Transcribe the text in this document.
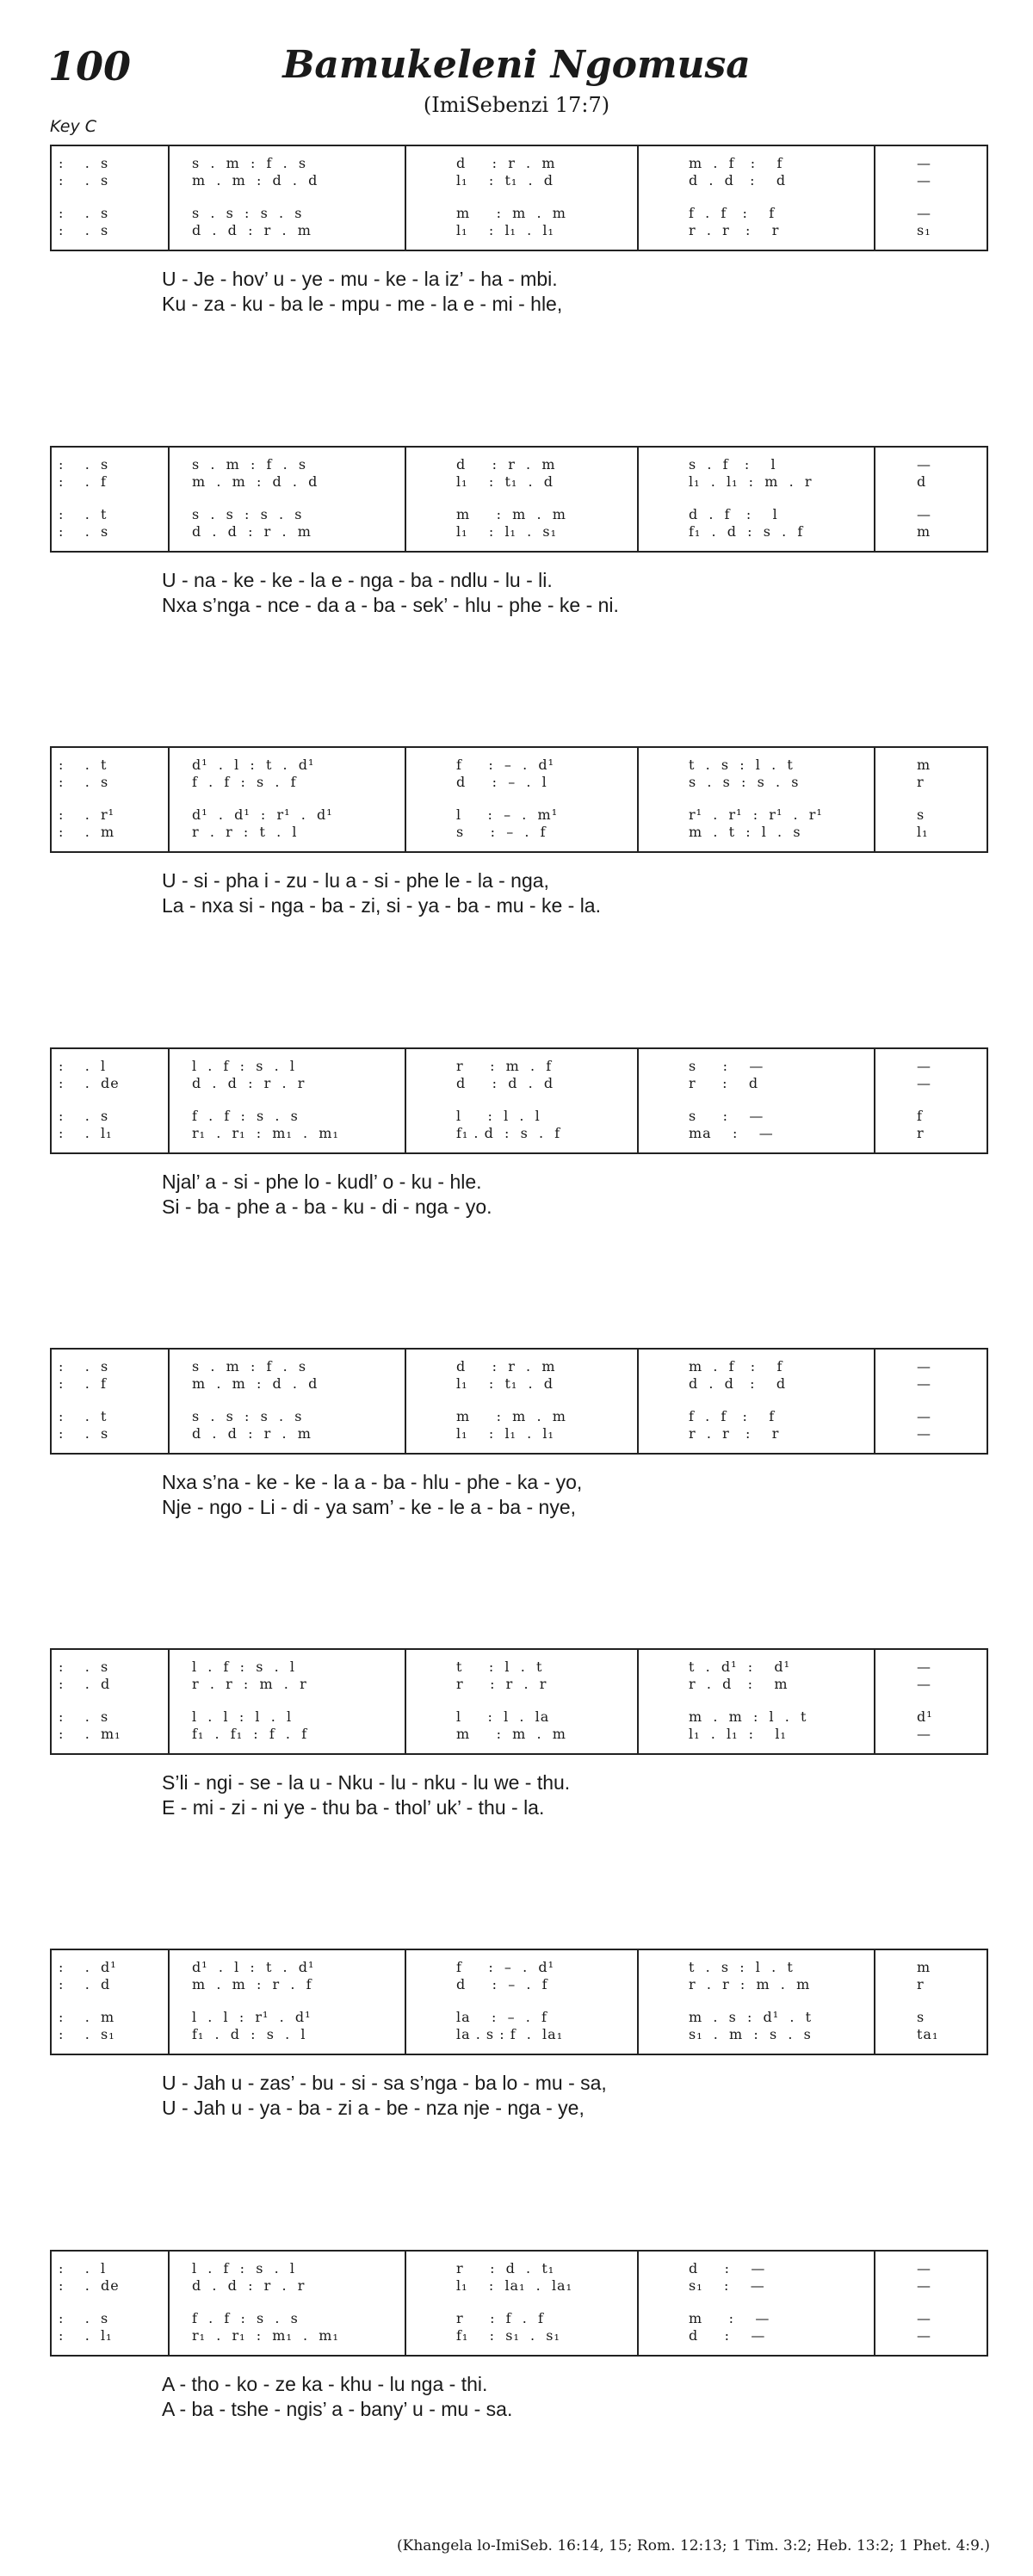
100	Bamukeleni Ngomusa
(ImiSebenzi 17:7)
Key C
:    .  s	s  .  m  :  f  .  s	d     :  r  .  m	m  .  f   :    f	—
:    .  s	m  .  m  :  d  .  d	l₁    :  t₁  .  d	d  .  d   :    d	—
:    .  s	s  .  s  :  s  .  s	m     :  m  .  m	f  .  f   :    f	—
:    .  s	d  .  d  :  r  .  m	l₁    :  l₁  .  l₁	r  .  r   :    r	s₁
U - Je - hov’ u - ye - mu - ke - la iz’ - ha - mbi.
Ku - za - ku - ba le - mpu - me - la e - mi - hle,
:    .  s	s  .  m  :  f  .  s	d     :  r  .  m	s  .  f   :    l	—
:    .  f	m  .  m  :  d  .  d	l₁    :  t₁  .  d	l₁  .  l₁  :  m  .  r	d
:    .  t	s  .  s  :  s  .  s	m     :  m  .  m	d  .  f   :    l	—
:    .  s	d  .  d  :  r  .  m	l₁    :  l₁  .  s₁	f₁  .  d  :  s  .  f	m
U - na - ke - ke - la e - nga - ba - ndlu - lu - li.
Nxa s’nga - nce - da a - ba - sek’ - hlu - phe - ke - ni.
:    .  t	d¹  .  l  :  t  .  d¹	f     :  –  .  d¹	t  .  s  :  l  .  t	m
:    .  s	f  .  f  :  s  .  f	d     :  –  .  l	s  .  s  :  s  .  s	r
:    .  r¹	d¹  .  d¹  :  r¹  .  d¹	l     :  –  .  m¹	r¹  .  r¹  :  r¹  .  r¹	s
:    .  m	r  .  r  :  t  .  l	s     :  –  .  f	m  .  t  :  l  .  s	l₁
U - si - pha i - zu - lu a - si - phe le - la - nga,
La - nxa si - nga - ba - zi, si - ya - ba - mu - ke - la.
:    .  l	l  .  f  :  s  .  l	r     :  m  .  f	s     :    —	—
:    .  de	d  .  d  :  r  .  r	d     :  d  .  d	r     :    d	—
:    .  s	f  .  f  :  s  .  s	l     :  l  .  l	s     :    —	f
:    .  l₁	r₁  .  r₁  :  m₁  .  m₁	f₁ . d  :  s  .  f	ma    :    —	r
Njal’ a - si - phe lo - kudl’ o - ku - hle.
Si - ba - phe a - ba - ku - di - nga - yo.
:    .  s	s  .  m  :  f  .  s	d     :  r  .  m	m  .  f   :    f	—
:    .  f	m  .  m  :  d  .  d	l₁    :  t₁  .  d	d  .  d   :    d	—
:    .  t	s  .  s  :  s  .  s	m     :  m  .  m	f  .  f   :    f	—
:    .  s	d  .  d  :  r  .  m	l₁    :  l₁  .  l₁	r  .  r   :    r	—
Nxa s’na - ke - ke - la a - ba - hlu - phe - ka - yo,
Nje - ngo - Li - di - ya sam’ - ke - le a - ba - nye,
:    .  s	l  .  f  :  s  .  l	t     :  l  .  t	t  .  d¹  :    d¹	—
:    .  d	r  .  r  :  m  .  r	r     :  r  .  r	r  .  d   :    m	—
:    .  s	l  .  l  :  l  .  l	l     :  l  .  la	m  .  m  :  l  .  t	d¹
:    .  m₁	f₁  .  f₁  :  f  .  f	m     :  m  .  m	l₁  .  l₁  :    l₁	—
S’li - ngi - se - la u - Nku - lu - nku - lu we - thu.
E - mi - zi - ni ye - thu ba - thol’ uk’ - thu - la.
:    .  d¹	d¹  .  l  :  t  .  d¹	f     :  –  .  d¹	t  .  s  :  l  .  t	m
:    .  d	m  .  m  :  r  .  f	d     :  –  .  f	r  .  r  :  m  .  m	r
:    .  m	l  .  l  :  r¹  .  d¹	la    :  –  .  f	m  .  s  :  d¹  .  t	s
:    .  s₁	f₁  .  d  :  s  .  l	la . s : f  .  la₁	s₁  .  m  :  s  .  s	ta₁
U - Jah u - zas’ - bu - si - sa s’nga - ba lo - mu - sa,
U - Jah u - ya - ba - zi a - be - nza nje - nga - ye,
:    .  l	l  .  f  :  s  .  l	r     :  d  .  t₁	d     :    —	—
:    .  de	d  .  d  :  r  .  r	l₁    :  la₁  .  la₁	s₁    :    —	—
:    .  s	f  .  f  :  s  .  s	r     :  f  .  f	m     :    —	—
:    .  l₁	r₁  .  r₁  :  m₁  .  m₁	f₁    :  s₁  .  s₁	d     :    —	—
A - tho - ko - ze ka - khu - lu nga - thi.
A - ba - tshe - ngis’ a - bany’ u - mu - sa.
(Khangela lo-ImiSeb. 16:14, 15; Rom. 12:13; 1 Tim. 3:2; Heb. 13:2; 1 Phet. 4:9.)
